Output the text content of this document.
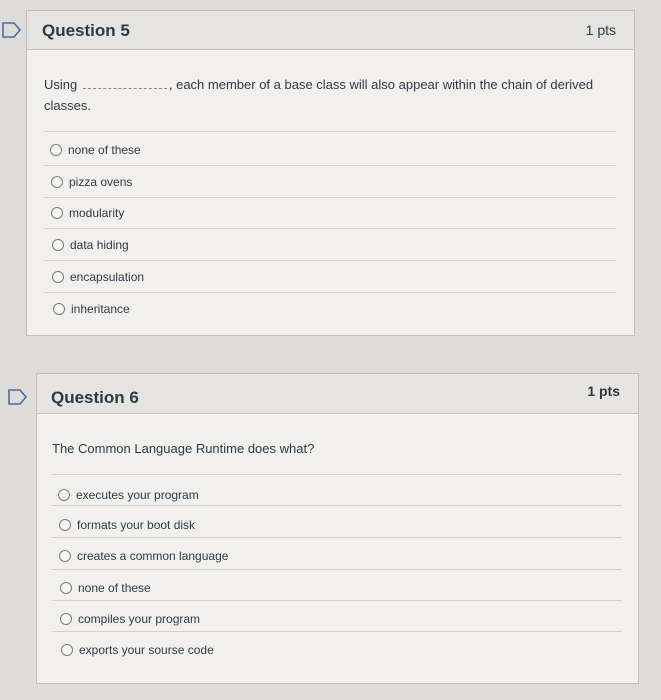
Question 5	1 pts
Using	, each member of a base class will also appear within the chain of derived classes.
none of these
pizza ovens
modularity
data hiding
encapsulation
inheritance
Question 6	1 pts
The Common Language Runtime does what?
executes your program
formats your boot disk
creates a common language
none of these
compiles your program
exports your sourse code
